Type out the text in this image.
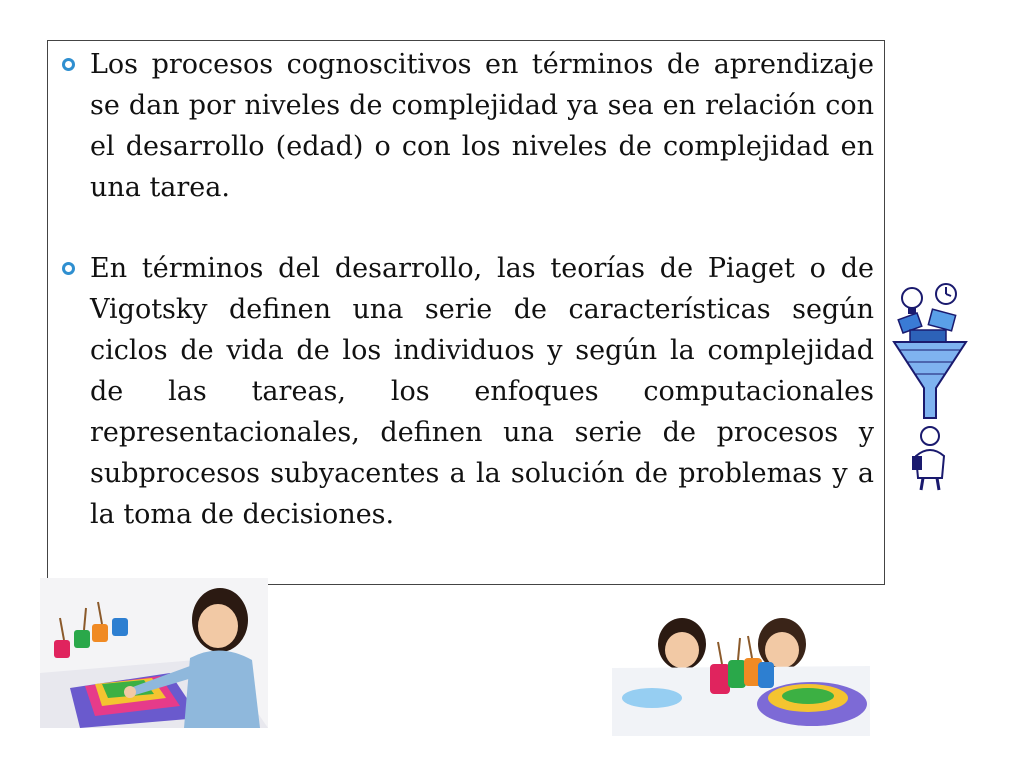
Los procesos cognoscitivos en términos de aprendizaje se dan por niveles de complejidad ya sea en relación con el desarrollo (edad) o con los niveles de complejidad en una tarea.
En términos del desarrollo, las teorías de Piaget o de Vigotsky definen una serie de características según ciclos de vida de los individuos y según la complejidad de las tareas, los enfoques computacionales representacionales, definen una serie de procesos y subprocesos subyacentes a la solución de problemas y a la toma de decisiones.
